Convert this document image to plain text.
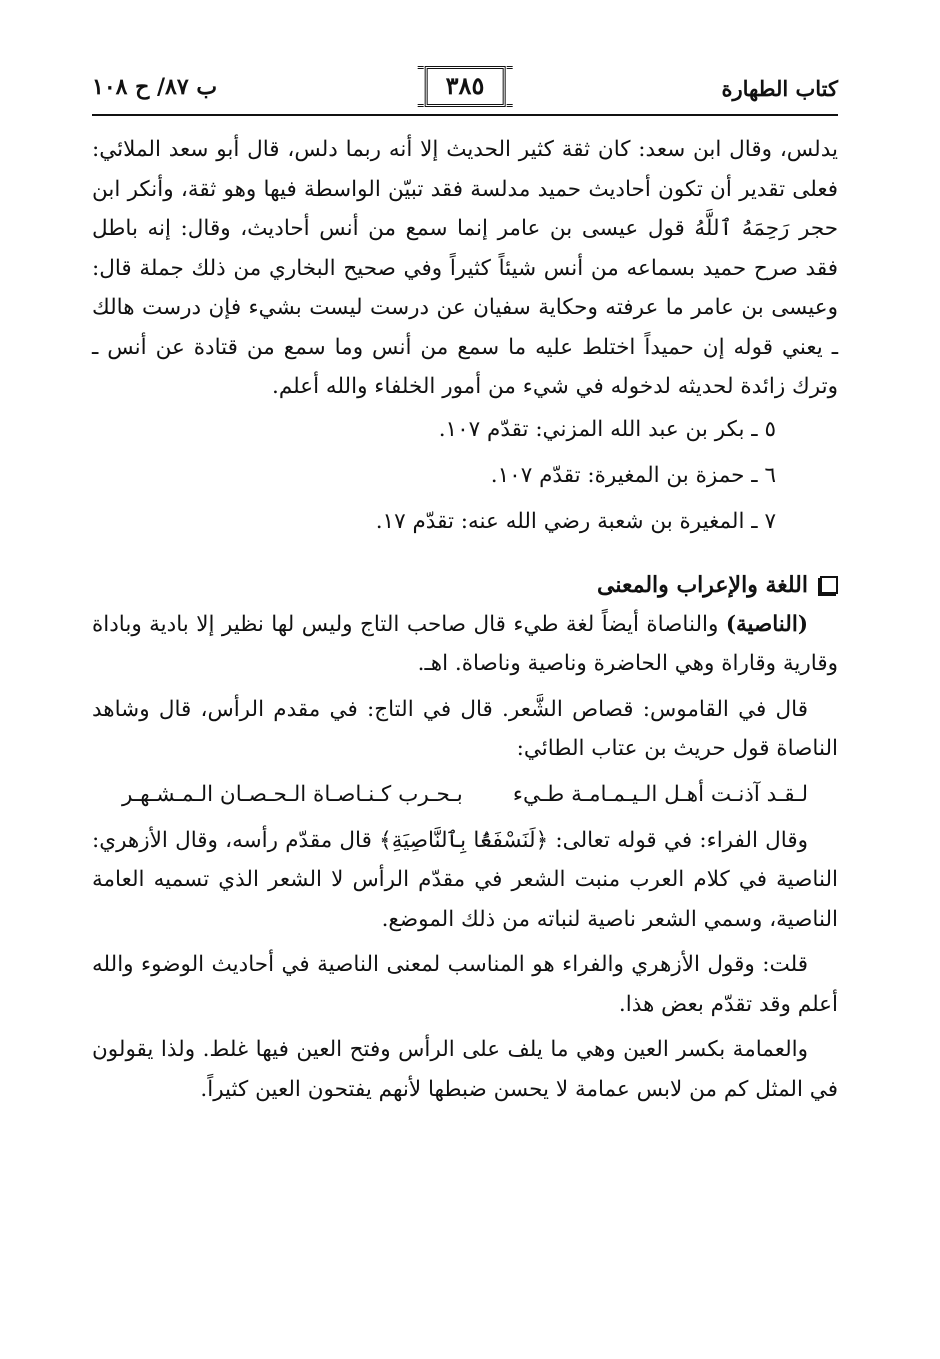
كتاب الطهارة
٣٨٥
ب ٨٧/ ح ١٠٨

يدلس، وقال ابن سعد: كان ثقة كثير الحديث إلا أنه ربما دلس، قال أبو سعد الملائي: فعلى تقدير أن تكون أحاديث حميد مدلسة فقد تبيّن الواسطة فيها وهو ثقة، وأنكر ابن حجر رَحِمَهُ ٱللَّهُ قول عيسى بن عامر إنما سمع من أنس أحاديث، وقال: إنه باطل فقد صرح حميد بسماعه من أنس شيئاً كثيراً وفي صحيح البخاري من ذلك جملة قال: وعيسى بن عامر ما عرفته وحكاية سفيان عن درست ليست بشيء فإن درست هالك ـ يعني قوله إن حميداً اختلط عليه ما سمع من أنس وما سمع من قتادة عن أنس ـ وترك زائدة لحديثه لدخوله في شيء من أمور الخلفاء والله أعلم.

٥ ـ بكر بن عبد الله المزني: تقدّم ١٠٧.
٦ ـ حمزة بن المغيرة: تقدّم ١٠٧.
٧ ـ المغيرة بن شعبة رضي الله عنه: تقدّم ١٧.
اللغة والإعراب والمعنى

(الناصية) والناصاة أيضاً لغة طيء قال صاحب التاج وليس لها نظير إلا بادية وباداة وقارية وقاراة وهي الحاضرة وناصية وناصاة. اهـ.

قال في القاموس: قصاص الشَّعر. قال في التاج: في مقدم الرأس، قال وشاهد الناصاة قول حريث بن عتاب الطائي:

لـقـد آذنـت أهـل الـيـمـامـة طـيء
بـحـرب كـنـاصـاة الـحـصـان الـمـشـهـر

وقال الفراء: في قوله تعالى: ﴿لَنَسْفَعًۢا بِٱلنَّاصِيَةِ﴾ قال مقدّم رأسه، وقال الأزهري: الناصية في كلام العرب منبت الشعر في مقدّم الرأس لا الشعر الذي تسميه العامة الناصية، وسمي الشعر ناصية لنباته من ذلك الموضع.

قلت: وقول الأزهري والفراء هو المناسب لمعنى الناصية في أحاديث الوضوء والله أعلم وقد تقدّم بعض هذا.

والعمامة بكسر العين وهي ما يلف على الرأس وفتح العين فيها غلط. ولذا يقولون في المثل كم من لابس عمامة لا يحسن ضبطها لأنهم يفتحون العين كثيراً.
